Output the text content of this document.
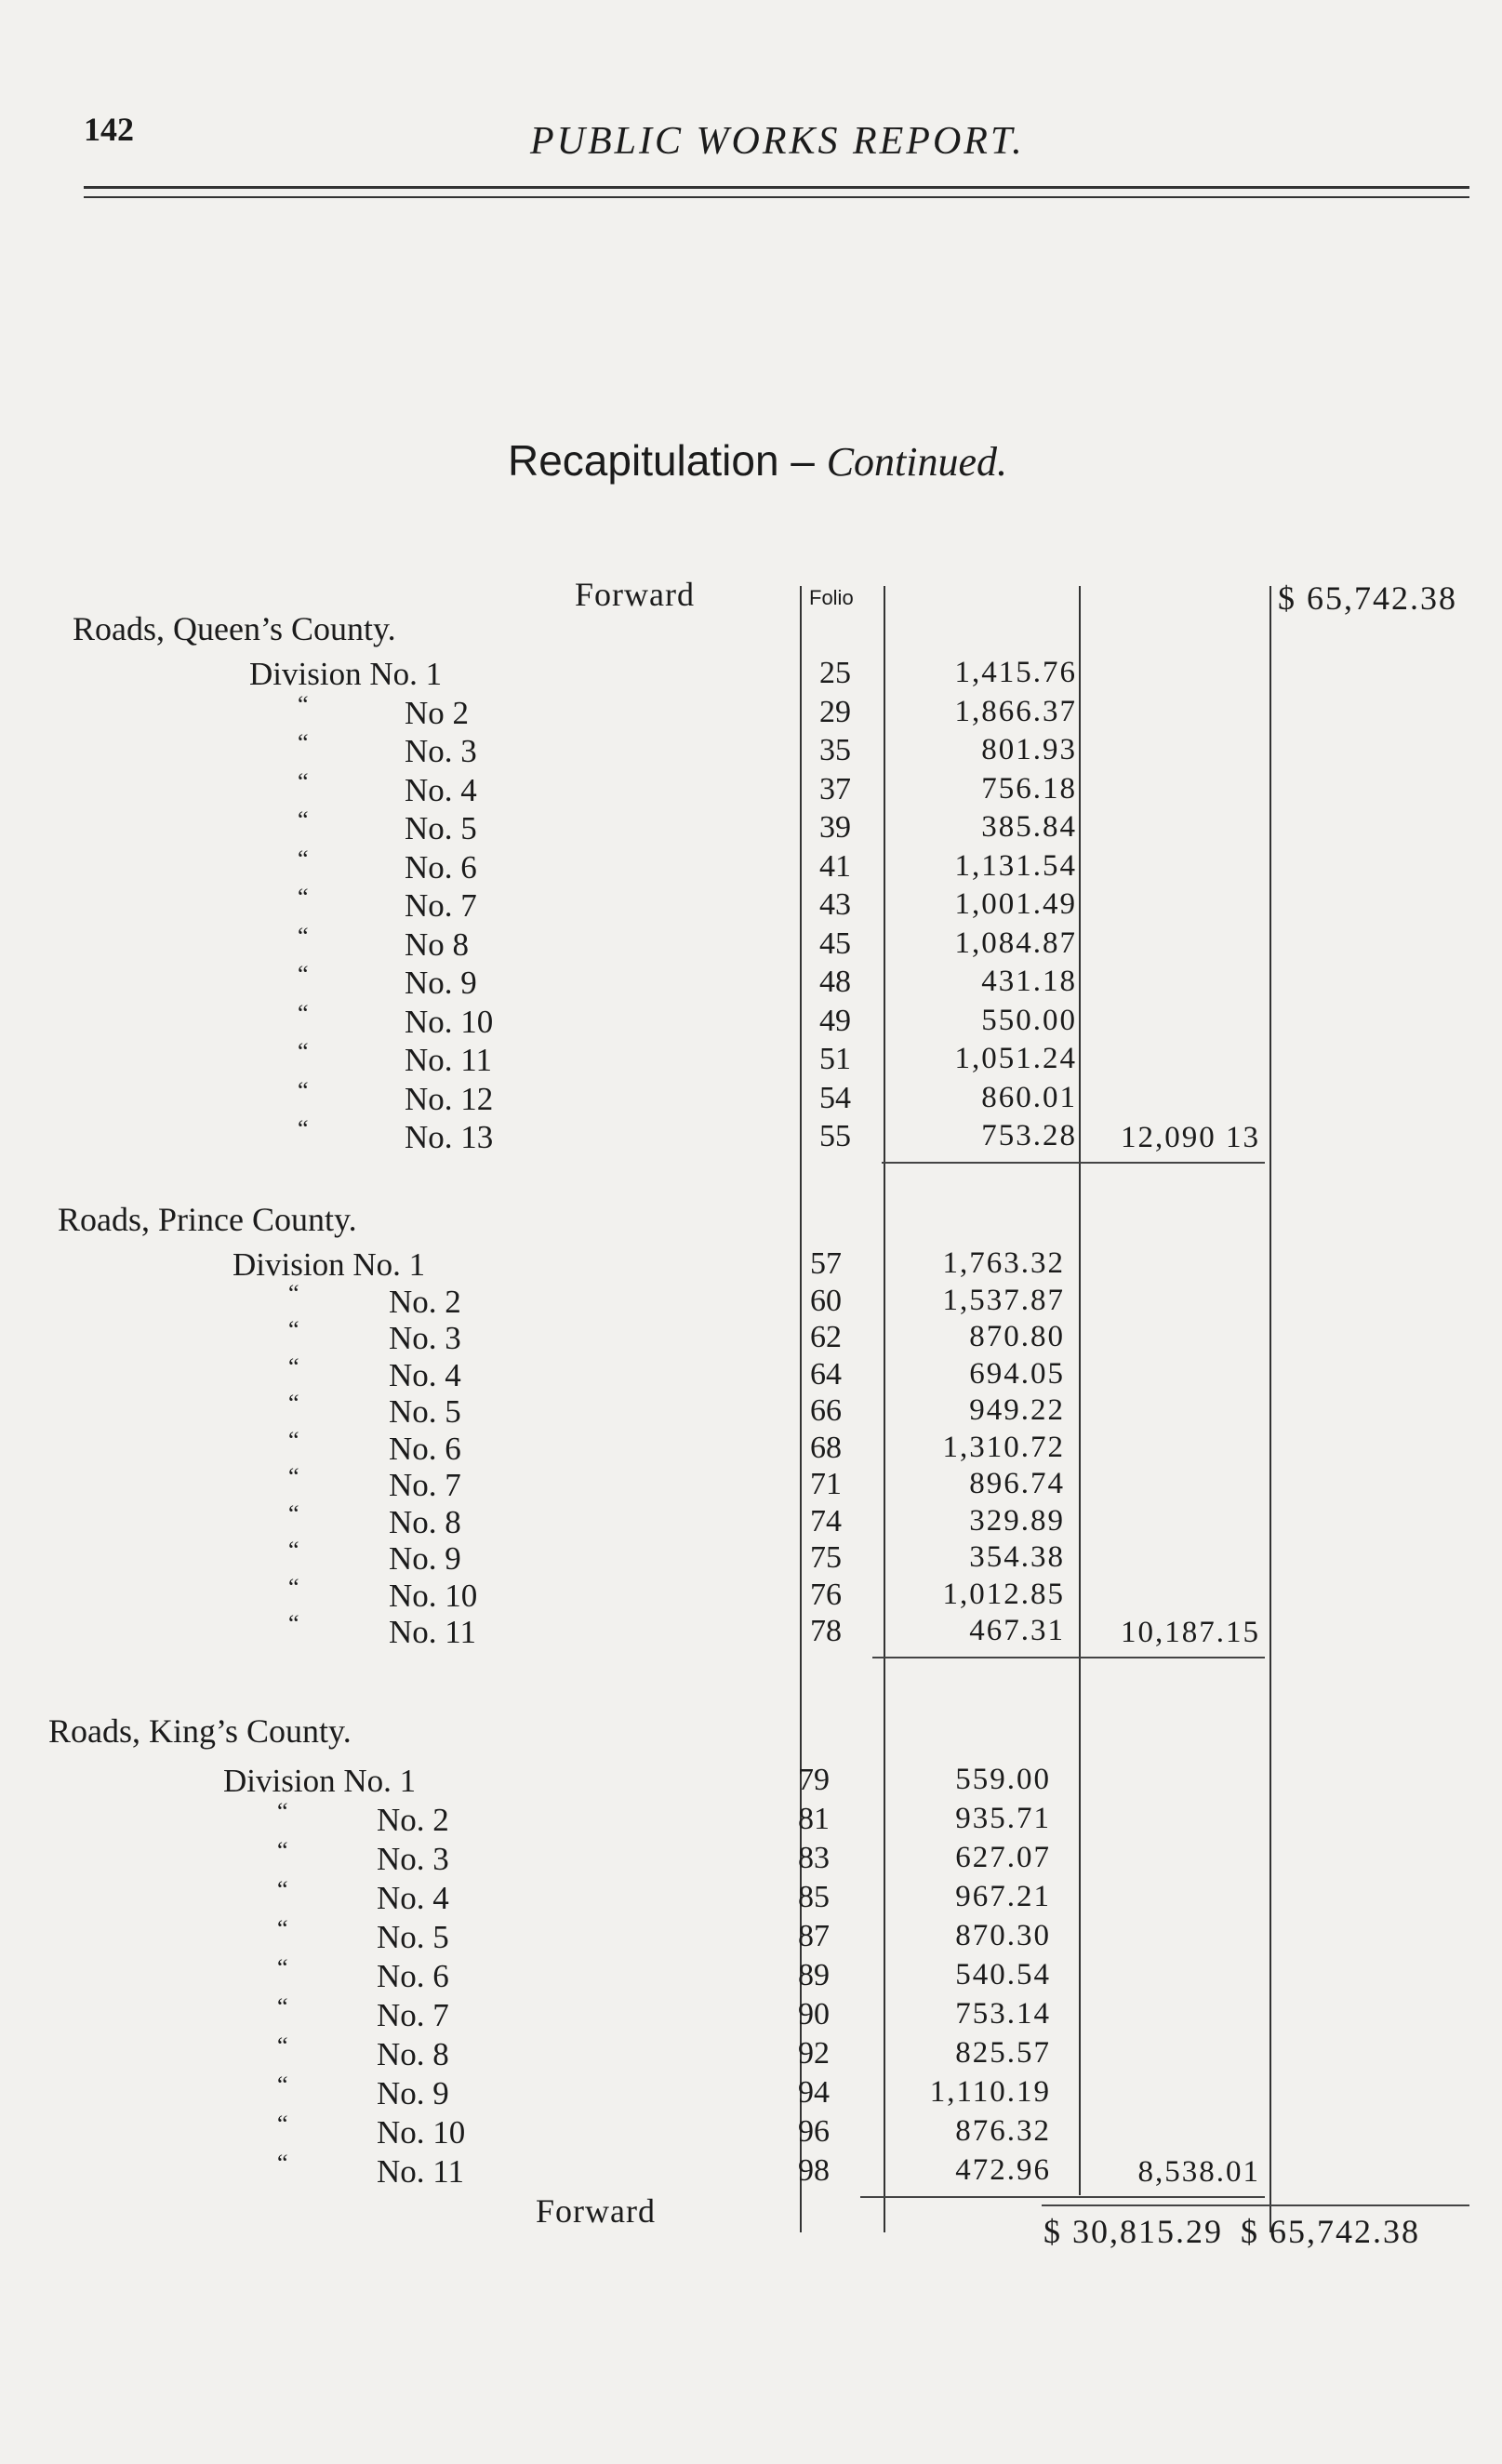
142	PUBLIC WORKS REPORT.
Recapitulation – Continued.
Forward	Folio	$ 65,742.38
Roads, Queen’s County.
Division No. 1	25	1,415.76
“	No 2	29	1,866.37
“	No. 3	35	801.93
“	No. 4	37	756.18
“	No. 5	39	385.84
“	No. 6	41	1,131.54
“	No. 7	43	1,001.49
“	No 8	45	1,084.87
“	No. 9	48	431.18
“	No. 10	49	550.00
“	No. 11	51	1,051.24
“	No. 12	54	860.01
“	No. 13	55	753.28 12,090 13
Roads, Prince County.
Division No. 1	57	1,763.32
“	No. 2	60	1,537.87
“	No. 3	62	870.80
“	No. 4	64	694.05
“	No. 5	66	949.22
“	No. 6	68	1,310.72
“	No. 7	71	896.74
“	No. 8	74	329.89
“	No. 9	75	354.38
“	No. 10	76	1,012.85
“	No. 11	78	467.31 10,187.15
Roads, King’s County.
Division No. 1	79	559.00
“	No. 2	81	935.71
“	No. 3	83	627.07
“	No. 4	85	967.21
“	No. 5	87	870.30
“	No. 6	89	540.54
“	No. 7	90	753.14
“	No. 8	92	825.57
“	No. 9	94	1,110.19
“	No. 10	96	876.32
“	No. 11	98	472.96	8,538.01
Forward
$ 30,815.29 $ 65,742.38
